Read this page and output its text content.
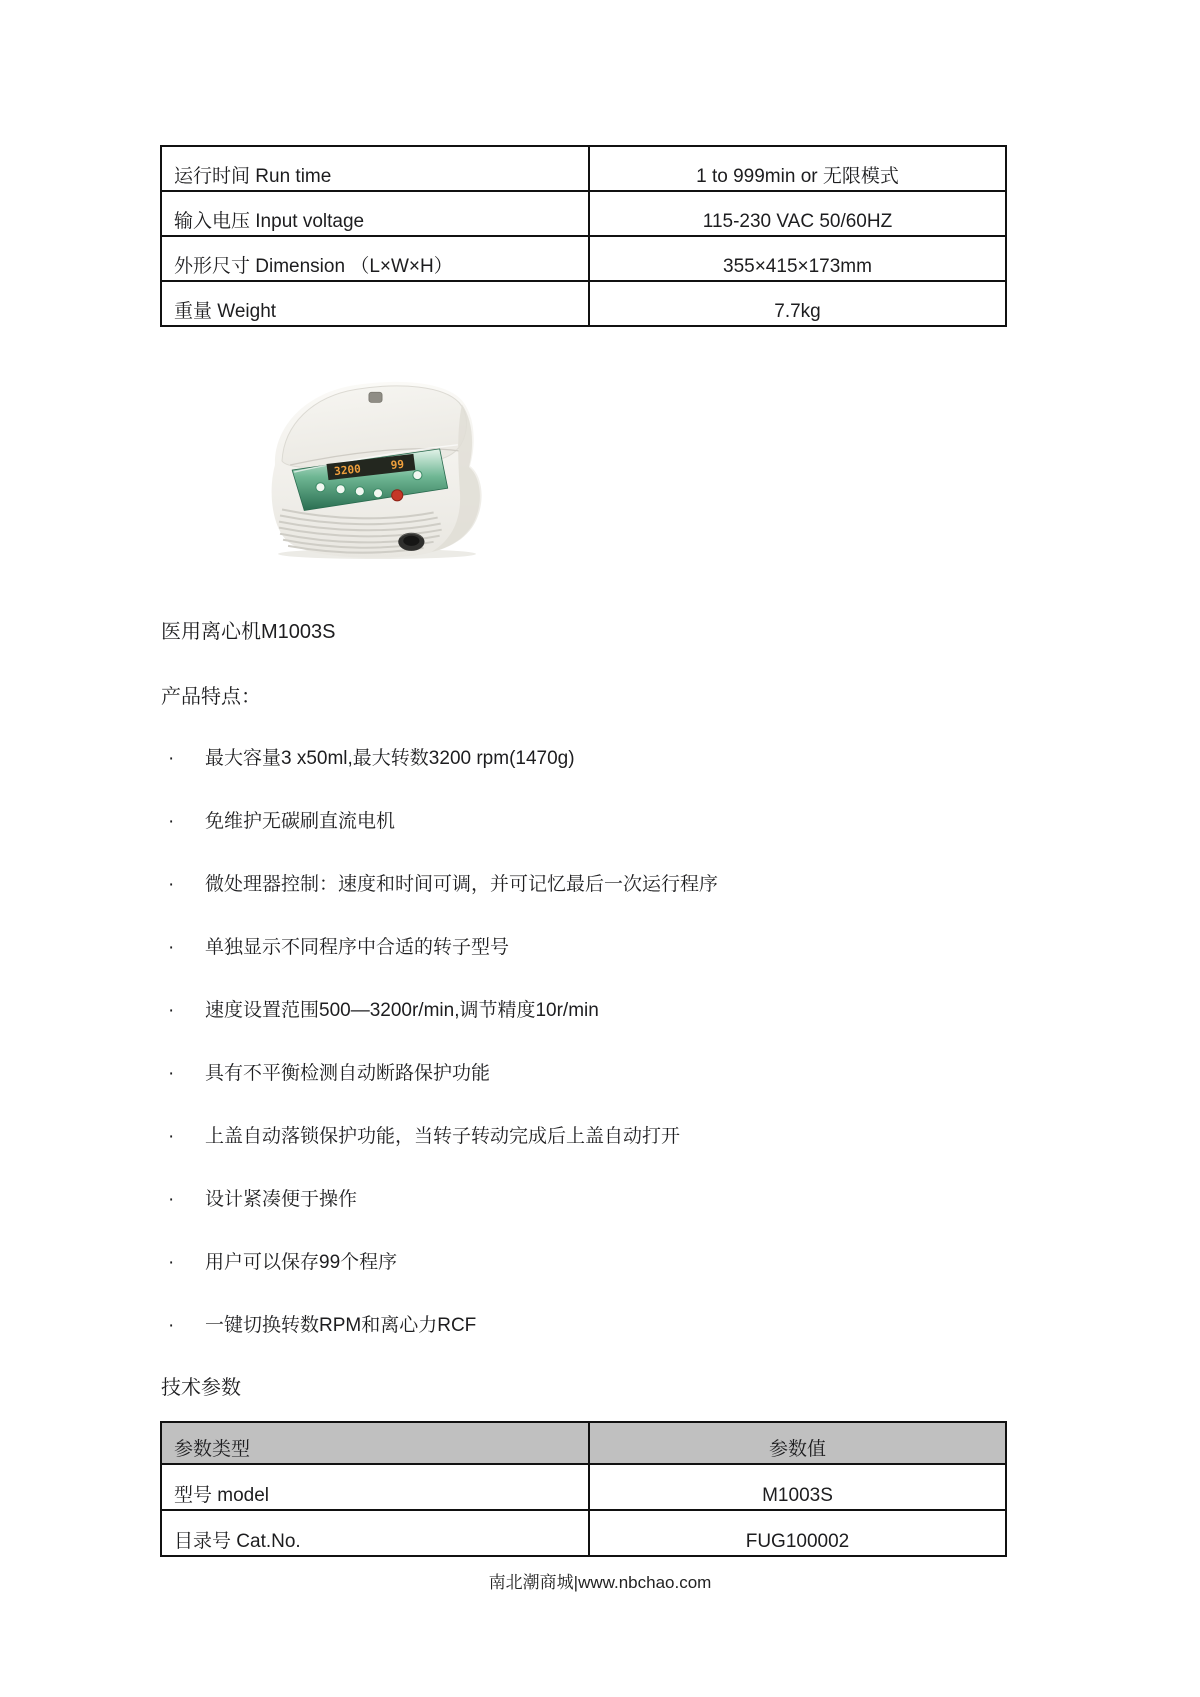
运行时间 Run time	1 to 999min or 无限模式
输入电压 Input voltage	115-230 VAC 50/60HZ
外形尺寸 Dimension （L×W×H）	355×415×173mm
重量 Weight	7.7kg
3200	99
医用离心机M1003S
产品特点：
· 最大容量3 x50ml,最大转数3200 rpm(1470g)
· 免维护无碳刷直流电机
· 微处理器控制：速度和时间可调，并可记忆最后一次运行程序
· 单独显示不同程序中合适的转子型号
· 速度设置范围500—3200r/min,调节精度10r/min
· 具有不平衡检测自动断路保护功能
· 上盖自动落锁保护功能，当转子转动完成后上盖自动打开
· 设计紧凑便于操作
· 用户可以保存99个程序
· 一键切换转数RPM和离心力RCF
技术参数
参数类型	参数值
型号 model	M1003S
目录号 Cat.No.	FUG100002
南北潮商城|www.nbchao.com
